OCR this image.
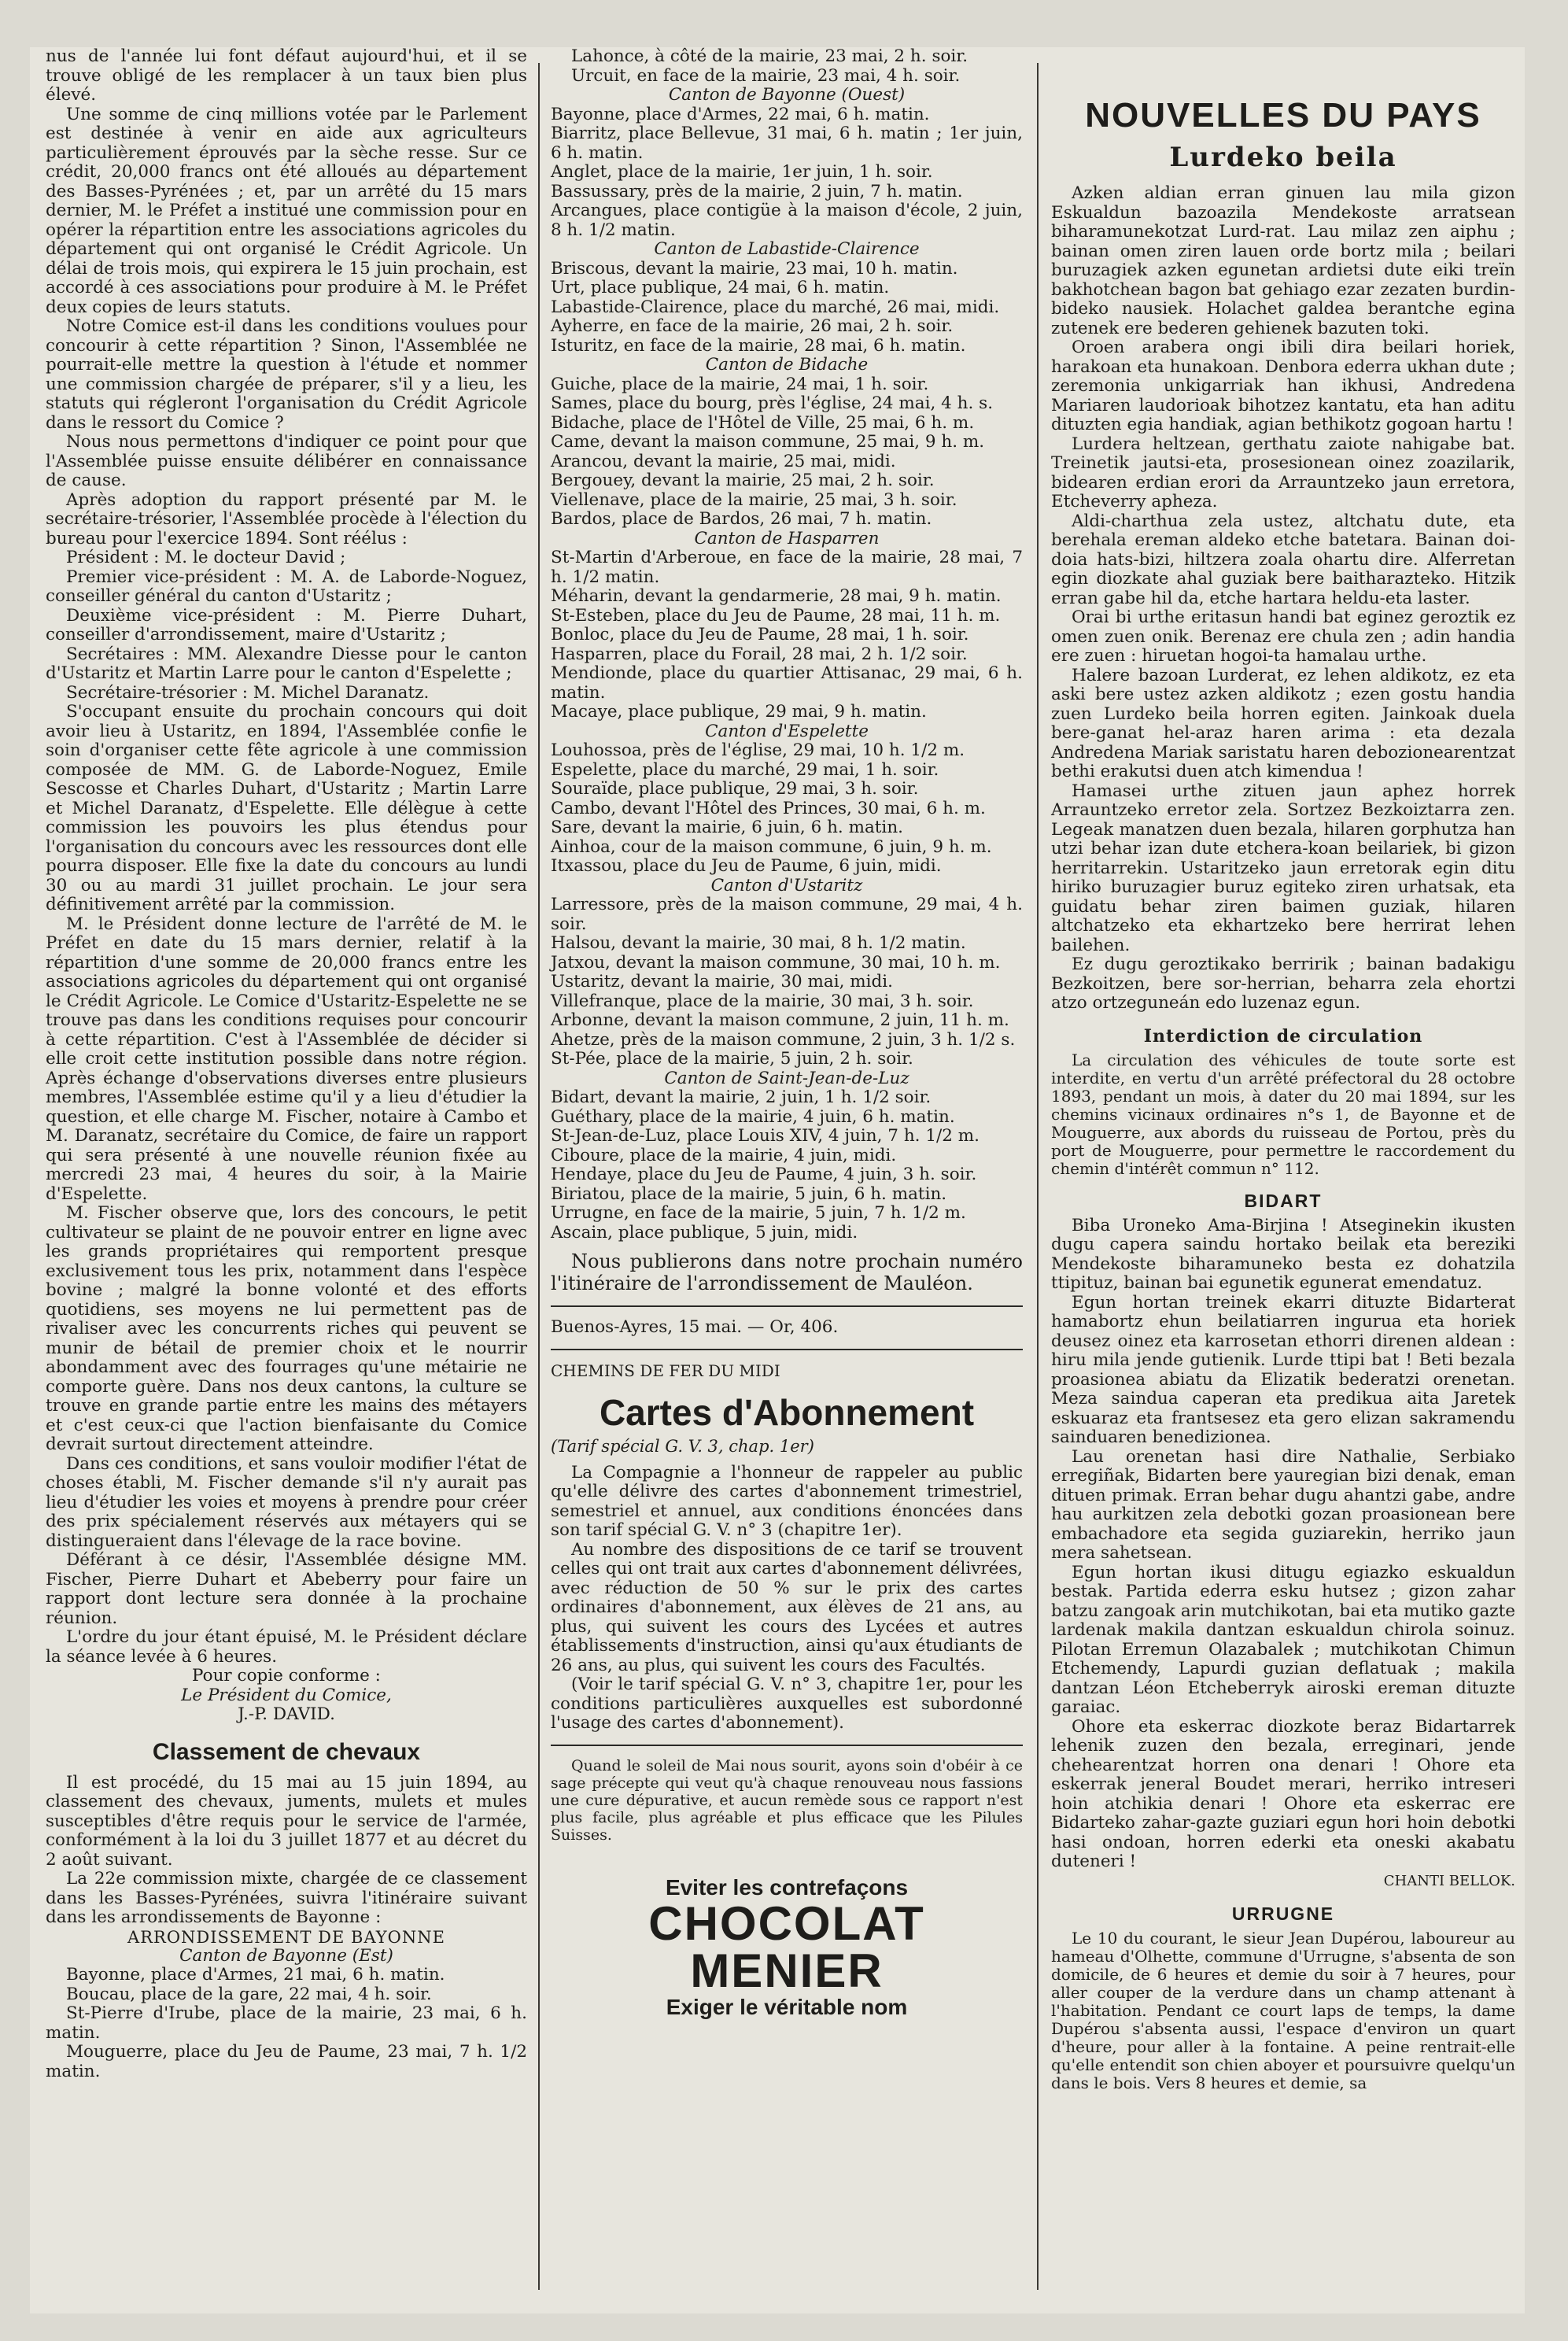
nus de l'année lui font défaut aujourd'hui, et il se trouve obligé de les remplacer à un taux bien plus élevé.

Une somme de cinq millions votée par le Parlement est destinée à venir en aide aux agriculteurs particulièrement éprouvés par la sèche resse. Sur ce crédit, 20,000 francs ont été alloués au département des Basses-Pyrénées ; et, par un arrêté du 15 mars dernier, M. le Préfet a institué une commission pour en opérer la répartition entre les associations agricoles du département qui ont organisé le Crédit Agricole. Un délai de trois mois, qui expirera le 15 juin prochain, est accordé à ces associations pour produire à M. le Préfet deux copies de leurs statuts.

Notre Comice est-il dans les conditions voulues pour concourir à cette répartition ? Sinon, l'Assemblée ne pourrait-elle mettre la question à l'étude et nommer une commission chargée de préparer, s'il y a lieu, les statuts qui régleront l'organisation du Crédit Agricole dans le ressort du Comice ?

Nous nous permettons d'indiquer ce point pour que l'Assemblée puisse ensuite délibérer en connaissance de cause.

Après adoption du rapport présenté par M. le secrétaire-trésorier, l'Assemblée procède à l'élection du bureau pour l'exercice 1894. Sont réélus :

Président : M. le docteur David ;

Premier vice-président : M. A. de Laborde-Noguez, conseiller général du canton d'Ustaritz ;

Deuxième vice-président : M. Pierre Duhart, conseiller d'arrondissement, maire d'Ustaritz ;

Secrétaires : MM. Alexandre Diesse pour le canton d'Ustaritz et Martin Larre pour le canton d'Espelette ;

Secrétaire-trésorier : M. Michel Daranatz.

S'occupant ensuite du prochain concours qui doit avoir lieu à Ustaritz, en 1894, l'Assemblée confie le soin d'organiser cette fête agricole à une commission composée de MM. G. de Laborde-Noguez, Emile Sescosse et Charles Duhart, d'Ustaritz ; Martin Larre et Michel Daranatz, d'Espelette. Elle délègue à cette commission les pouvoirs les plus étendus pour l'organisation du concours avec les ressources dont elle pourra disposer. Elle fixe la date du concours au lundi 30 ou au mardi 31 juillet prochain. Le jour sera définitivement arrêté par la commission.

M. le Président donne lecture de l'arrêté de M. le Préfet en date du 15 mars dernier, relatif à la répartition d'une somme de 20,000 francs entre les associations agricoles du département qui ont organisé le Crédit Agricole. Le Comice d'Ustaritz-Espelette ne se trouve pas dans les conditions requises pour concourir à cette répartition. C'est à l'Assemblée de décider si elle croit cette institution possible dans notre région. Après échange d'observations diverses entre plusieurs membres, l'Assemblée estime qu'il y a lieu d'étudier la question, et elle charge M. Fischer, notaire à Cambo et M. Daranatz, secrétaire du Comice, de faire un rapport qui sera présenté à une nouvelle réunion fixée au mercredi 23 mai, 4 heures du soir, à la Mairie d'Espelette.

M. Fischer observe que, lors des concours, le petit cultivateur se plaint de ne pouvoir entrer en ligne avec les grands propriétaires qui remportent presque exclusivement tous les prix, notamment dans l'espèce bovine ; malgré la bonne volonté et des efforts quotidiens, ses moyens ne lui permettent pas de rivaliser avec les concurrents riches qui peuvent se munir de bétail de premier choix et le nourrir abondamment avec des fourrages qu'une métairie ne comporte guère. Dans nos deux cantons, la culture se trouve en grande partie entre les mains des métayers et c'est ceux-ci que l'action bienfaisante du Comice devrait surtout directement atteindre.

Dans ces conditions, et sans vouloir modifier l'état de choses établi, M. Fischer demande s'il n'y aurait pas lieu d'étudier les voies et moyens à prendre pour créer des prix spécialement réservés aux métayers qui se distingueraient dans l'élevage de la race bovine.

Déférant à ce désir, l'Assemblée désigne MM. Fischer, Pierre Duhart et Abeberry pour faire un rapport dont lecture sera donnée à la prochaine réunion.

L'ordre du jour étant épuisé, M. le Président déclare la séance levée à 6 heures.

Pour copie conforme :

Le Président du Comice,

J.-P. DAVID.

Classement de chevaux

Il est procédé, du 15 mai au 15 juin 1894, au classement des chevaux, juments, mulets et mules susceptibles d'être requis pour le service de l'armée, conformément à la loi du 3 juillet 1877 et au décret du 2 août suivant.

La 22e commission mixte, chargée de ce classement dans les Basses-Pyrénées, suivra l'itinéraire suivant dans les arrondissements de Bayonne :

ARRONDISSEMENT DE BAYONNE
Canton de Bayonne (Est)

Bayonne, place d'Armes, 21 mai, 6 h. matin.

Boucau, place de la gare, 22 mai, 4 h. soir.

St-Pierre d'Irube, place de la mairie, 23 mai, 6 h. matin.

Mouguerre, place du Jeu de Paume, 23 mai, 7 h. 1/2 matin.

Lahonce, à côté de la mairie, 23 mai, 2 h. soir.

Urcuit, en face de la mairie, 23 mai, 4 h. soir.

Canton de Bayonne (Ouest)

Bayonne, place d'Armes, 22 mai, 6 h. matin.

Biarritz, place Bellevue, 31 mai, 6 h. matin ; 1er juin, 6 h. matin.

Anglet, place de la mairie, 1er juin, 1 h. soir.

Bassussary, près de la mairie, 2 juin, 7 h. matin.

Arcangues, place contigüe à la maison d'école, 2 juin, 8 h. 1/2 matin.

Canton de Labastide-Clairence

Briscous, devant la mairie, 23 mai, 10 h. matin.

Urt, place publique, 24 mai, 6 h. matin.

Labastide-Clairence, place du marché, 26 mai, midi.

Ayherre, en face de la mairie, 26 mai, 2 h. soir.

Isturitz, en face de la mairie, 28 mai, 6 h. matin.

Canton de Bidache

Guiche, place de la mairie, 24 mai, 1 h. soir.

Sames, place du bourg, près l'église, 24 mai, 4 h. s.

Bidache, place de l'Hôtel de Ville, 25 mai, 6 h. m.

Came, devant la maison commune, 25 mai, 9 h. m.

Arancou, devant la mairie, 25 mai, midi.

Bergouey, devant la mairie, 25 mai, 2 h. soir.

Viellenave, place de la mairie, 25 mai, 3 h. soir.

Bardos, place de Bardos, 26 mai, 7 h. matin.

Canton de Hasparren

St-Martin d'Arberoue, en face de la mairie, 28 mai, 7 h. 1/2 matin.

Méharin, devant la gendarmerie, 28 mai, 9 h. matin.

St-Esteben, place du Jeu de Paume, 28 mai, 11 h. m.

Bonloc, place du Jeu de Paume, 28 mai, 1 h. soir.

Hasparren, place du Forail, 28 mai, 2 h. 1/2 soir.

Mendionde, place du quartier Attisanac, 29 mai, 6 h. matin.

Macaye, place publique, 29 mai, 9 h. matin.

Canton d'Espelette

Louhossoa, près de l'église, 29 mai, 10 h. 1/2 m.

Espelette, place du marché, 29 mai, 1 h. soir.

Souraïde, place publique, 29 mai, 3 h. soir.

Cambo, devant l'Hôtel des Princes, 30 mai, 6 h. m.

Sare, devant la mairie, 6 juin, 6 h. matin.

Ainhoa, cour de la maison commune, 6 juin, 9 h. m.

Itxassou, place du Jeu de Paume, 6 juin, midi.

Canton d'Ustaritz

Larressore, près de la maison commune, 29 mai, 4 h. soir.

Halsou, devant la mairie, 30 mai, 8 h. 1/2 matin.

Jatxou, devant la maison commune, 30 mai, 10 h. m.

Ustaritz, devant la mairie, 30 mai, midi.

Villefranque, place de la mairie, 30 mai, 3 h. soir.

Arbonne, devant la maison commune, 2 juin, 11 h. m.

Ahetze, près de la maison commune, 2 juin, 3 h. 1/2 s.

St-Pée, place de la mairie, 5 juin, 2 h. soir.

Canton de Saint-Jean-de-Luz

Bidart, devant la mairie, 2 juin, 1 h. 1/2 soir.

Guéthary, place de la mairie, 4 juin, 6 h. matin.

St-Jean-de-Luz, place Louis XIV, 4 juin, 7 h. 1/2 m.

Ciboure, place de la mairie, 4 juin, midi.

Hendaye, place du Jeu de Paume, 4 juin, 3 h. soir.

Biriatou, place de la mairie, 5 juin, 6 h. matin.

Urrugne, en face de la mairie, 5 juin, 7 h. 1/2 m.

Ascain, place publique, 5 juin, midi.

Nous publierons dans notre prochain numéro l'itinéraire de l'arrondissement de Mauléon.

Buenos-Ayres, 15 mai. — Or, 406.

CHEMINS DE FER DU MIDI
Cartes d'Abonnement
(Tarif spécial G. V. 3, chap. 1er)

La Compagnie a l'honneur de rappeler au public qu'elle délivre des cartes d'abonnement trimestriel, semestriel et annuel, aux conditions énoncées dans son tarif spécial G. V. n° 3 (chapitre 1er).

Au nombre des dispositions de ce tarif se trouvent celles qui ont trait aux cartes d'abonnement délivrées, avec réduction de 50 % sur le prix des cartes ordinaires d'abonnement, aux élèves de 21 ans, au plus, qui suivent les cours des Lycées et autres établissements d'instruction, ainsi qu'aux étudiants de 26 ans, au plus, qui suivent les cours des Facultés.

(Voir le tarif spécial G. V. n° 3, chapitre 1er, pour les conditions particulières auxquelles est subordonné l'usage des cartes d'abonnement).

Quand le soleil de Mai nous sourit, ayons soin d'obéir à ce sage précepte qui veut qu'à chaque renouveau nous fassions une cure dépurative, et aucun remède sous ce rapport n'est plus facile, plus agréable et plus efficace que les Pilules Suisses.

Eviter les contrefaçons
CHOCOLAT
MENIER
Exiger le véritable nom
NOUVELLES DU PAYS
Lurdeko beila

Azken aldian erran ginuen lau mila gizon Eskualdun bazoazila Mendekoste arratsean biharamunekotzat Lurd-rat. Lau milaz zen aiphu ; bainan omen ziren lauen orde bortz mila ; beilari buruzagiek azken egunetan ardietsi dute eiki treïn bakhotchean bagon bat gehiago ezar zezaten burdin-bideko nausiek. Holachet galdea berantche egina zutenek ere bederen gehienek bazuten toki.

Oroen arabera ongi ibili dira beilari horiek, harakoan eta hunakoan. Denbora ederra ukhan dute ; zeremonia unkigarriak han ikhusi, Andredena Mariaren laudorioak bihotzez kantatu, eta han aditu dituzten egia handiak, agian bethikotz gogoan hartu !

Lurdera heltzean, gerthatu zaiote nahigabe bat. Treinetik jautsi-eta, prosesionean oinez zoazilarik, bidearen erdian erori da Arrauntzeko jaun erretora, Etcheverry apheza.

Aldi-charthua zela ustez, altchatu dute, eta berehala ereman aldeko etche batetara. Bainan doi-doia hats-bizi, hiltzera zoala ohartu dire. Alferretan egin diozkate ahal guziak bere baitharazteko. Hitzik erran gabe hil da, etche hartara heldu-eta laster.

Orai bi urthe eritasun handi bat eginez geroztik ez omen zuen onik. Berenaz ere chula zen ; adin handia ere zuen : hiruetan hogoi-ta hamalau urthe.

Halere bazoan Lurderat, ez lehen aldikotz, ez eta aski bere ustez azken aldikotz ; ezen gostu handia zuen Lurdeko beila horren egiten. Jainkoak duela bere-ganat hel-araz haren arima : eta dezala Andredena Mariak saristatu haren debozionearentzat bethi erakutsi duen atch kimendua !

Hamasei urthe zituen jaun aphez horrek Arrauntzeko erretor zela. Sortzez Bezkoiztarra zen. Legeak manatzen duen bezala, hilaren gorphutza han utzi behar izan dute etchera-koan beilariek, bi gizon herritarrekin. Ustaritzeko jaun erretorak egin ditu hiriko buruzagier buruz egiteko ziren urhatsak, eta guidatu behar ziren baimen guziak, hilaren altchatzeko eta ekhartzeko bere herrirat lehen bailehen.

Ez dugu geroztikako berririk ; bainan badakigu Bezkoitzen, bere sor-herrian, beharra zela ehortzi atzo ortzeguneán edo luzenaz egun.

Interdiction de circulation

La circulation des véhicules de toute sorte est interdite, en vertu d'un arrêté préfectoral du 28 octobre 1893, pendant un mois, à dater du 20 mai 1894, sur les chemins vicinaux ordinaires n°s 1, de Bayonne et de Mouguerre, aux abords du ruisseau de Portou, près du port de Mouguerre, pour permettre le raccordement du chemin d'intérêt commun n° 112.

BIDART

Biba Uroneko Ama-Birjina ! Atseginekin ikusten dugu capera saindu hortako beilak eta bereziki Mendekoste biharamuneko besta ez dohatzila ttipituz, bainan bai egunetik egunerat emendatuz.

Egun hortan treinek ekarri dituzte Bidarterat hamabortz ehun beilatiarren ingurua eta horiek deusez oinez eta karrosetan ethorri direnen aldean : hiru mila jende gutienik. Lurde ttipi bat ! Beti bezala proasionea abiatu da Elizatik bederatzi orenetan. Meza saindua caperan eta predikua aita Jaretek eskuaraz eta frantsesez eta gero elizan sakramendu sainduaren benedizionea.

Lau orenetan hasi dire Nathalie, Serbiako erregiñak, Bidarten bere yauregian bizi denak, eman dituen primak. Erran behar dugu ahantzi gabe, andre hau aurkitzen zela debotki gozan proasionean bere embachadore eta segida guziarekin, herriko jaun mera sahetsean.

Egun hortan ikusi ditugu egiazko eskualdun bestak. Partida ederra esku hutsez ; gizon zahar batzu zangoak arin mutchikotan, bai eta mutiko gazte lardenak makila dantzan eskualdun chirola soinuz. Pilotan Erremun Olazabalek ; mutchikotan Chimun Etchemendy, Lapurdi guzian deflatuak ; makila dantzan Léon Etcheberryk airoski ereman dituzte garaiac.

Ohore eta eskerrac diozkote beraz Bidartarrek lehenik zuzen den bezala, erreginari, jende chehearentzat horren ona denari ! Ohore eta eskerrak jeneral Boudet merari, herriko intreseri hoin atchikia denari ! Ohore eta eskerrac ere Bidarteko zahar-gazte guziari egun hori hoin debotki hasi ondoan, horren ederki eta oneski akabatu duteneri !

CHANTI BELLOK.

URRUGNE

Le 10 du courant, le sieur Jean Dupérou, laboureur au hameau d'Olhette, commune d'Urrugne, s'absenta de son domicile, de 6 heures et demie du soir à 7 heures, pour aller couper de la verdure dans un champ attenant à l'habitation. Pendant ce court laps de temps, la dame Dupérou s'absenta aussi, l'espace d'environ un quart d'heure, pour aller à la fontaine. A peine rentrait-elle qu'elle entendit son chien aboyer et poursuivre quelqu'un dans le bois. Vers 8 heures et demie, sa
